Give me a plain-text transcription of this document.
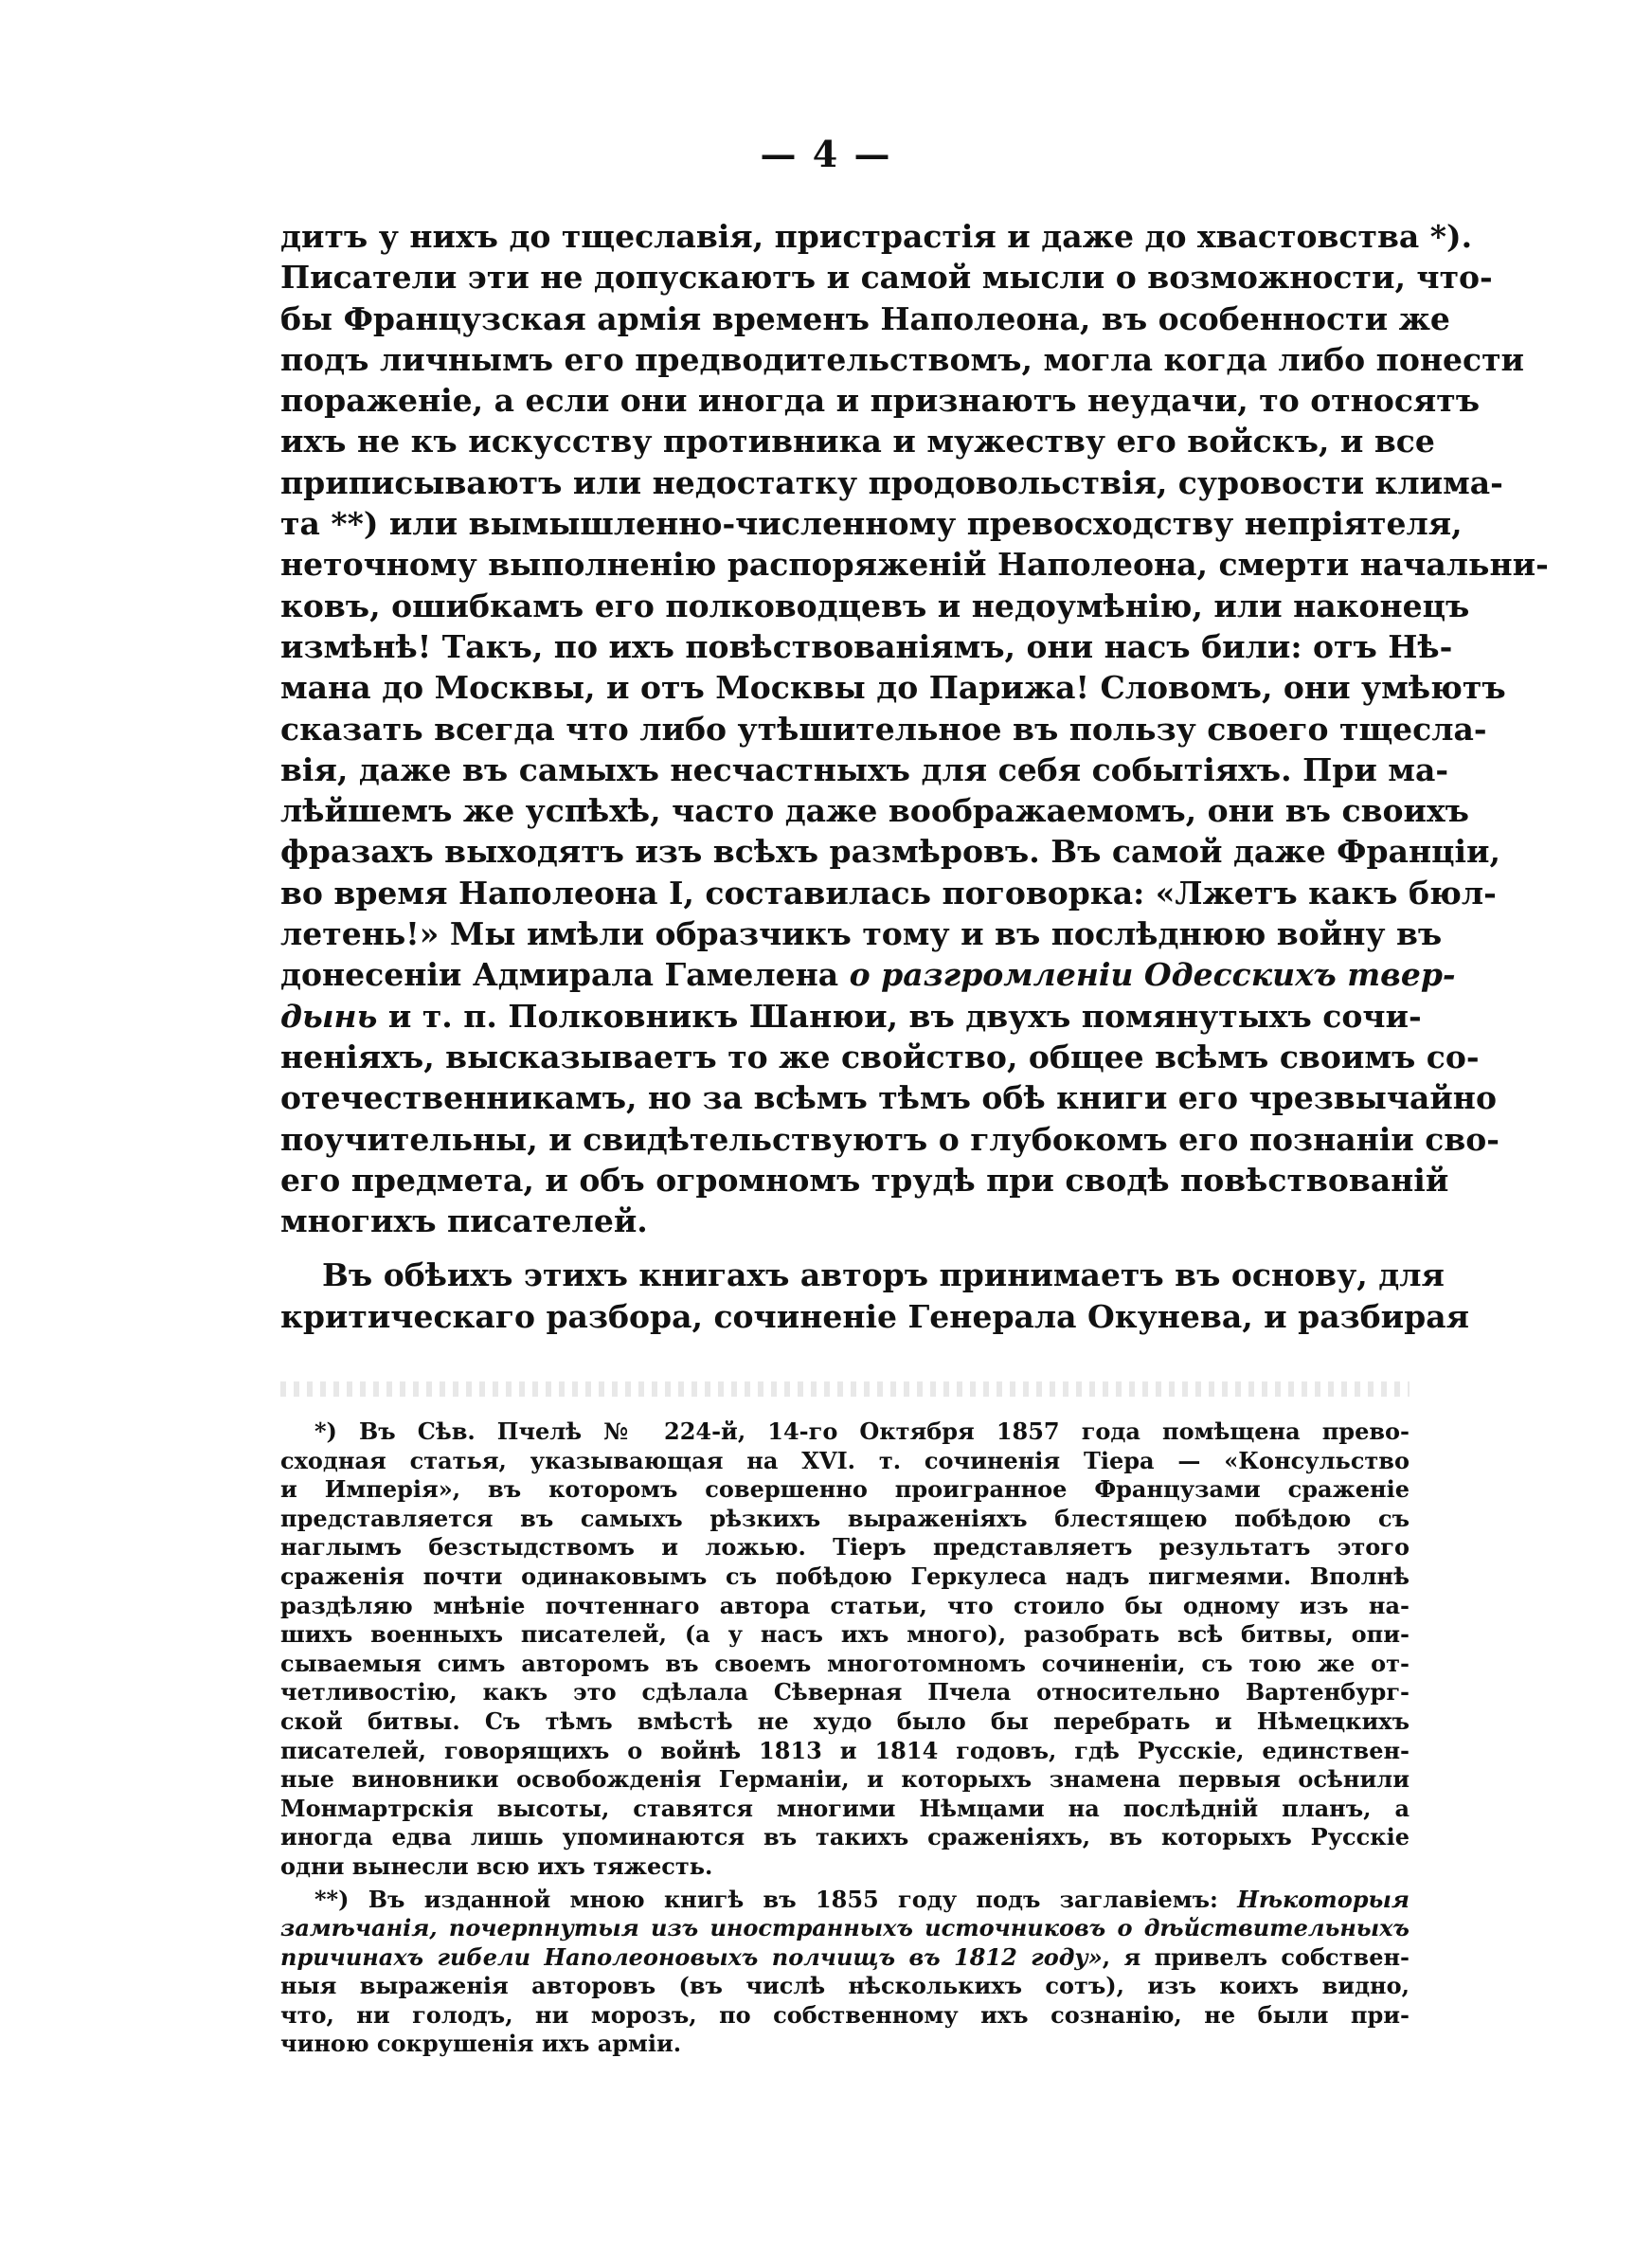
— 4 —
дитъ у нихъ до тщеславія, пристрастія и даже до хвастовства *).
Писатели эти не допускаютъ и самой мысли о возможности, что-
бы Французская армія временъ Наполеона, въ особенности же
подъ личнымъ его предводительствомъ, могла когда либо понести
пораженіе, а если они иногда и признаютъ неудачи, то относятъ
ихъ не къ искусству противника и мужеству его войскъ, и все
приписываютъ или недостатку продовольствія, суровости клима-
та **) или вымышленно-численному превосходству непріятеля,
неточному выполненію распоряженій Наполеона, смерти начальни-
ковъ, ошибкамъ его полководцевъ и недоумѣнію, или наконецъ
измѣнѣ! Такъ, по ихъ повѣствованіямъ, они насъ били: отъ Нѣ-
мана до Москвы, и отъ Москвы до Парижа! Словомъ, они умѣютъ
сказать всегда что либо утѣшительное въ пользу своего тщесла-
вія, даже въ самыхъ несчастныхъ для себя событіяхъ. При ма-
лѣйшемъ же успѣхѣ, часто даже воображаемомъ, они въ своихъ
фразахъ выходятъ изъ всѣхъ размѣровъ. Въ самой даже Франціи,
во время Наполеона I, составилась поговорка: «Лжетъ какъ бюл-
летень!» Мы имѣли образчикъ тому и въ послѣднюю войну въ
донесеніи Адмирала Гамелена о разгромленіи Одесскихъ твер-
дынь и т. п. Полковникъ Шанюи, въ двухъ помянутыхъ сочи-
неніяхъ, высказываетъ то же свойство, общее всѣмъ своимъ со-
отечественникамъ, но за всѣмъ тѣмъ обѣ книги его чрезвычайно
поучительны, и свидѣтельствуютъ о глубокомъ его познаніи сво-
его предмета, и объ огромномъ трудѣ при сводѣ повѣствованій
многихъ писателей.
Въ обѣихъ этихъ книгахъ авторъ принимаетъ въ основу, для
критическаго разбора, сочиненіе Генерала Окунева, и разбирая
*) Въ Сѣв. Пчелѣ № 224-й, 14-го Октября 1857 года помѣщена прево-
сходная статья, указывающая на XVI. т. сочиненія Тіера — «Консульство
и Имперія», въ которомъ совершенно проигранное Французами сраженіе
представляется въ самыхъ рѣзкихъ выраженіяхъ блестящею побѣдою съ
наглымъ безстыдствомъ и ложью. Тіеръ представляетъ результатъ этого
сраженія почти одинаковымъ съ побѣдою Геркулеса надъ пигмеями. Вполнѣ
раздѣляю мнѣніе почтеннаго автора статьи, что стоило бы одному изъ на-
шихъ военныхъ писателей, (а у насъ ихъ много), разобрать всѣ битвы, опи-
сываемыя симъ авторомъ въ своемъ многотомномъ сочиненіи, съ тою же от-
четливостію, какъ это сдѣлала Сѣверная Пчела относительно Вартенбург-
ской битвы. Съ тѣмъ вмѣстѣ не худо было бы перебрать и Нѣмецкихъ
писателей, говорящихъ о войнѣ 1813 и 1814 годовъ, гдѣ Русскіе, единствен-
ные виновники освобожденія Германіи, и которыхъ знамена первыя осѣнили
Монмартрскія высоты, ставятся многими Нѣмцами на послѣдній планъ, а
иногда едва лишь упоминаются въ такихъ сраженіяхъ, въ которыхъ Русскіе
одни вынесли всю ихъ тяжесть.
**) Въ изданной мною книгѣ въ 1855 году подъ заглавіемъ: Нѣкоторыя
замѣчанія, почерпнутыя изъ иностранныхъ источниковъ о дѣйствительныхъ
причинахъ гибели Наполеоновыхъ полчищъ въ 1812 году», я привелъ собствен-
ныя выраженія авторовъ (въ числѣ нѣсколькихъ сотъ), изъ коихъ видно,
что, ни голодъ, ни морозъ, по собственному ихъ сознанію, не были при-
чиною сокрушенія ихъ арміи.
